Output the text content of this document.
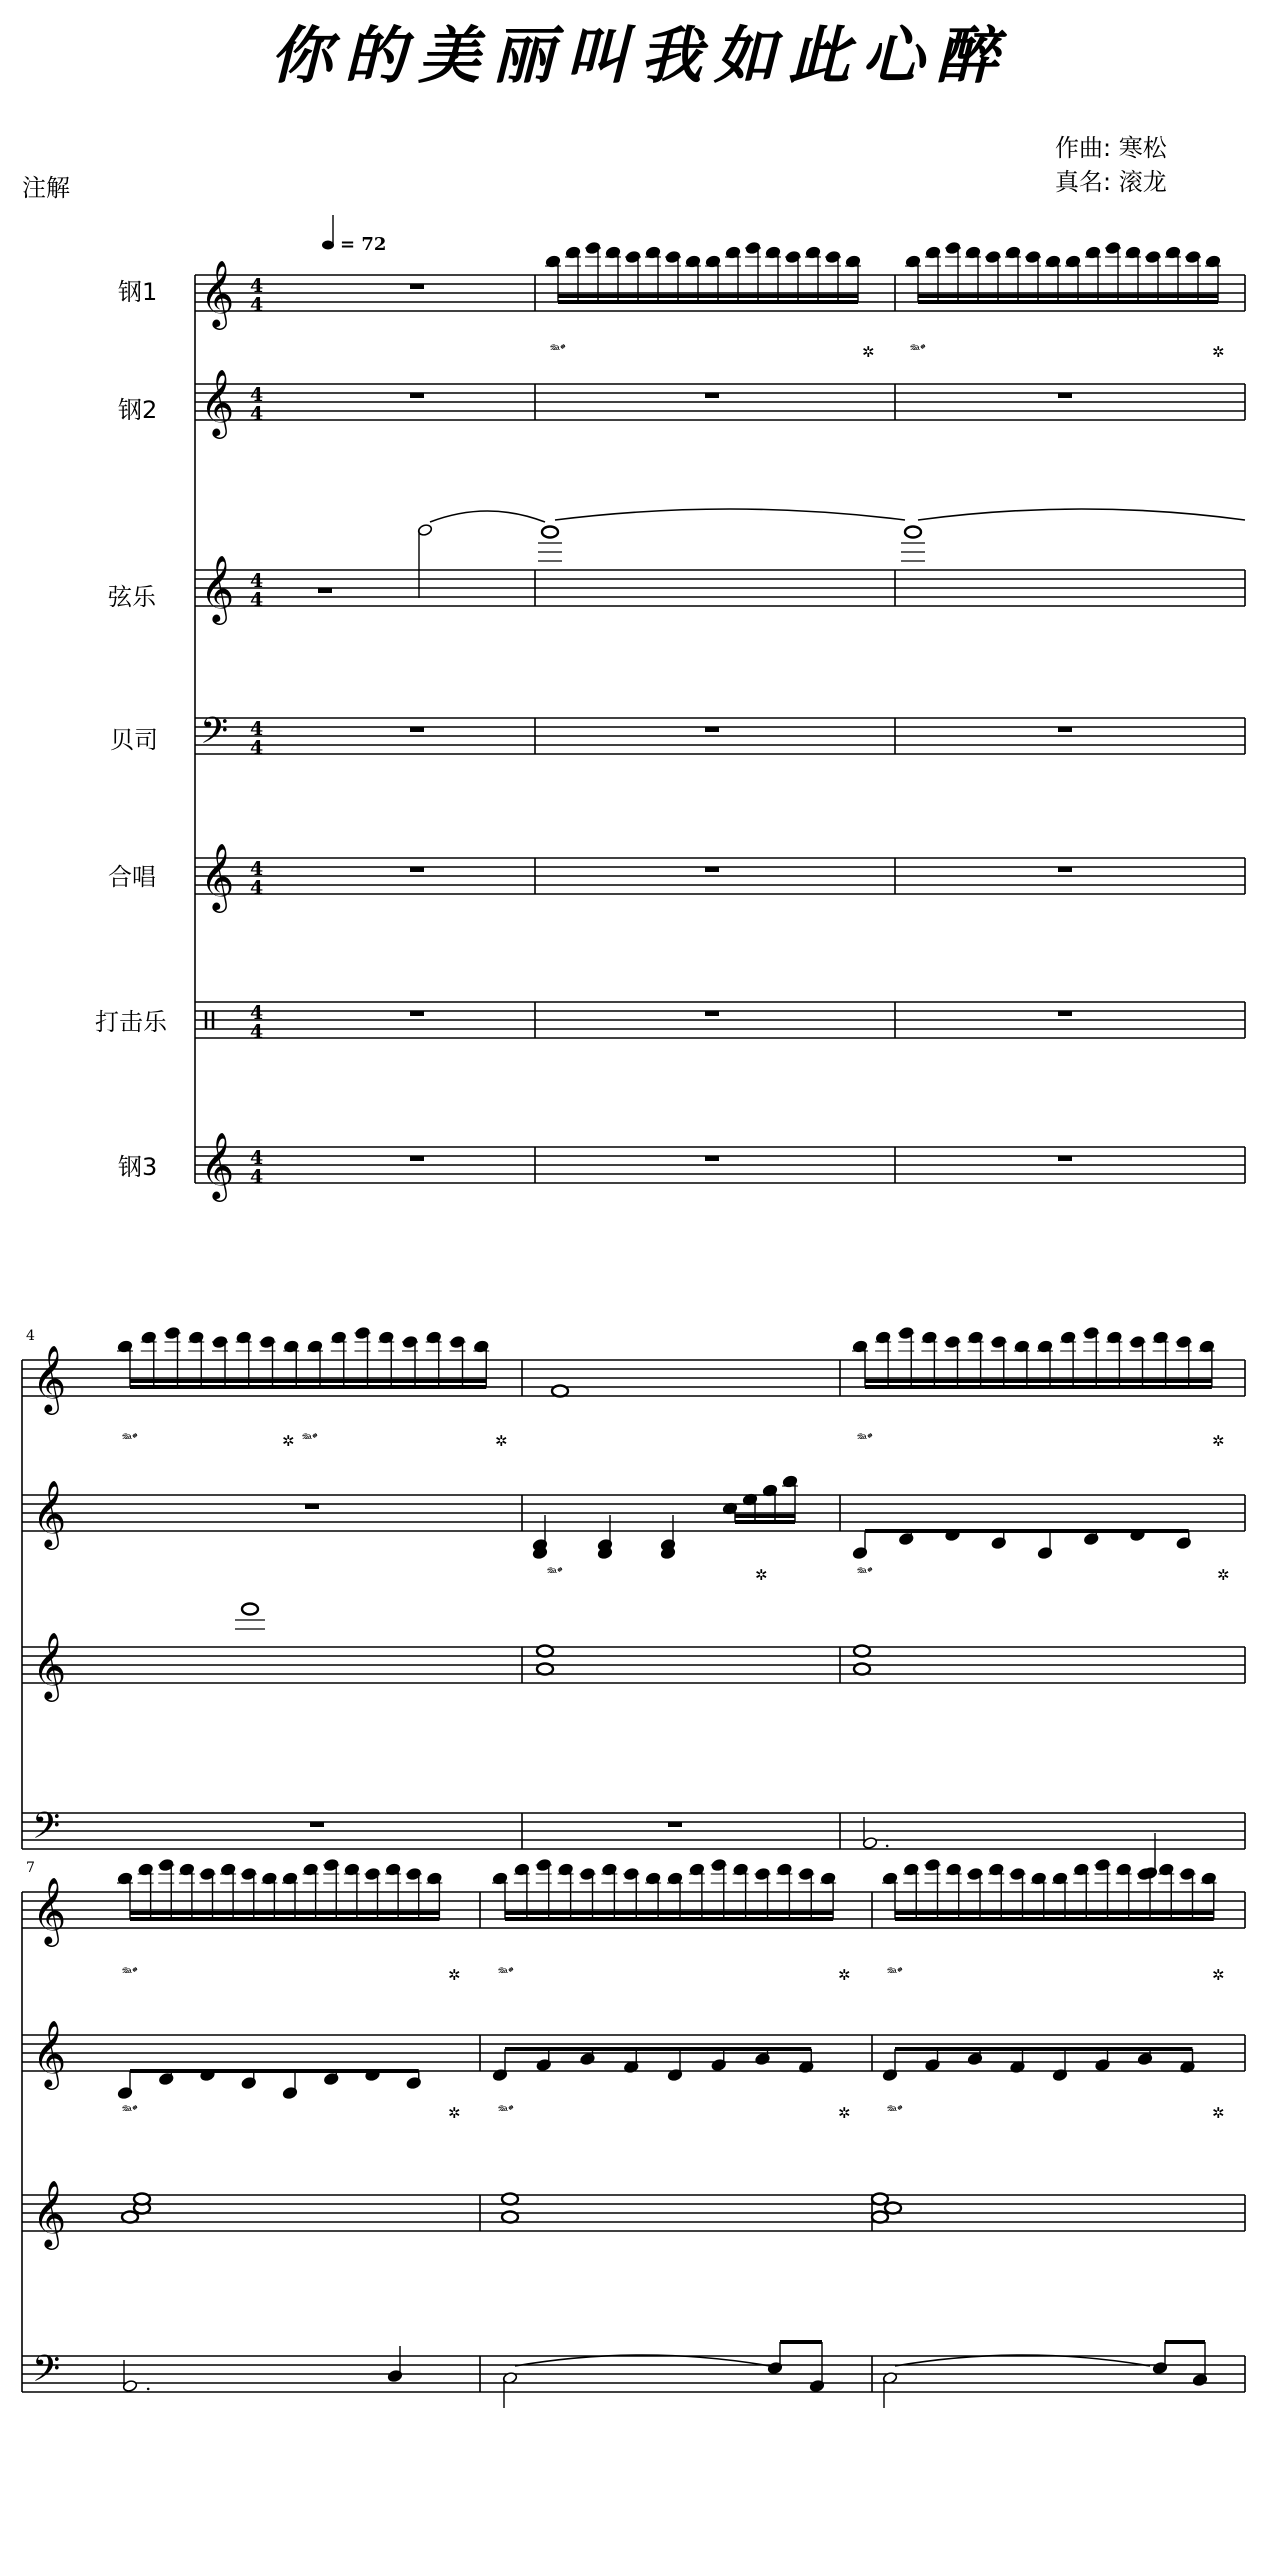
你的美丽叫我如此心醉
作曲: 寒松
真名: 滚龙
注解
钢1
钢2
弦乐
贝司
合唱
打击乐
钢3
𝄞 4
4
𝄞 4
4
𝄞 4
4
𝄢 4
4
𝄞 4
4
4
4
𝄞 4
4
= 72
𝆮𝆯	✲ 𝆮𝆯	✲
4
𝄞
𝄞
𝄞
𝄢
𝆮𝆯	✲ 𝆮𝆯	✲	𝆮𝆯	✲
𝆮𝆯	✲	𝆮𝆯	✲
.
7
𝄞
𝄞
𝄞
𝄢
𝆮𝆯	✲ 𝆮𝆯	✲ 𝆮𝆯	✲
𝆮𝆯	✲ 𝆮𝆯	✲ 𝆮𝆯	✲
.
